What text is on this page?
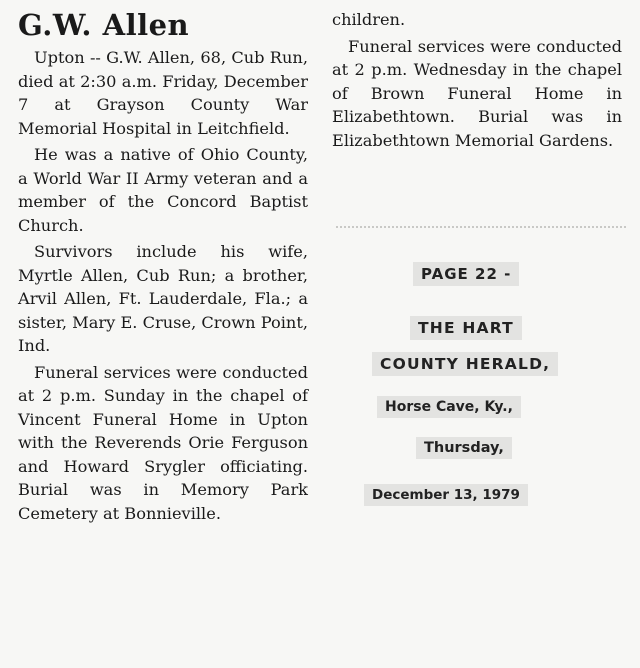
G.W. Allen

Upton -- G.W. Allen, 68, Cub Run, died at 2:30 a.m. Friday, December 7 at Grayson County War Memorial Hospital in Leitchfield.

He was a native of Ohio County, a World War II Army veteran and a member of the Concord Baptist Church.

Survivors include his wife, Myrtle Allen, Cub Run; a brother, Arvil Allen, Ft. Lauderdale, Fla.; a sister, Mary E. Cruse, Crown Point, Ind.

Funeral services were conducted at 2 p.m. Sunday in the chapel of Vincent Funeral Home in Upton with the Reverends Orie Ferguson and Howard Srygler officiating. Burial was in Memory Park Cemetery at Bonnieville.

children.

Funeral services were conducted at 2 p.m. Wednesday in the chapel of Brown Funeral Home in Elizabethtown. Burial was in Elizabethtown Memorial Gardens.

PAGE 22 -
THE HART
COUNTY HERALD,
Horse Cave, Ky.,
Thursday,
December 13, 1979
